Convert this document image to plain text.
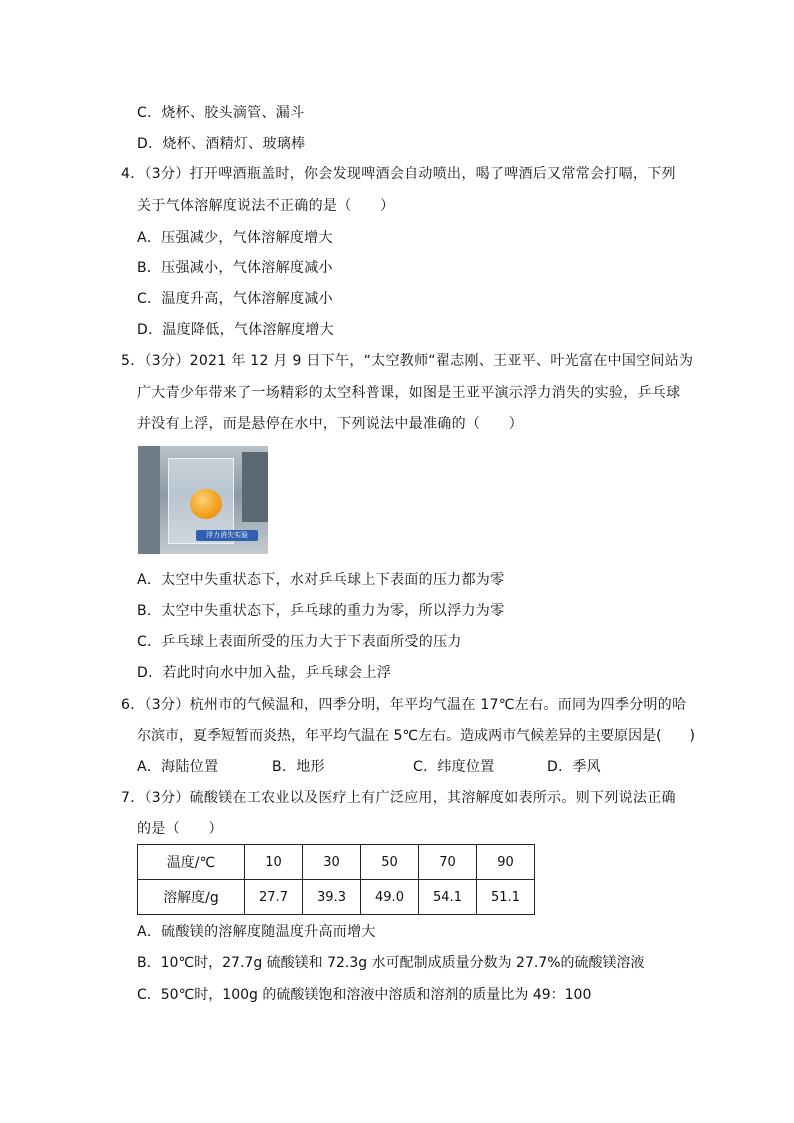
C．烧杯、胶头滴管、漏斗
D．烧杯、酒精灯、玻璃棒
4．（3分）打开啤酒瓶盖时，你会发现啤酒会自动喷出，喝了啤酒后又常常会打嗝，下列
关于气体溶解度说法不正确的是（　　）
A．压强减少，气体溶解度增大
B．压强减小，气体溶解度减小
C．温度升高，气体溶解度减小
D．温度降低，气体溶解度增大
5．（3分）2021 年 12 月 9 日下午，“太空教师“翟志刚、王亚平、叶光富在中国空间站为
广大青少年带来了一场精彩的太空科普课，如图是王亚平演示浮力消失的实验，乒乓球
并没有上浮，而是悬停在水中，下列说法中最准确的（　　）
浮力消失实验
A．太空中失重状态下，水对乒乓球上下表面的压力都为零
B．太空中失重状态下，乒乓球的重力为零，所以浮力为零
C．乒乓球上表面所受的压力大于下表面所受的压力
D．若此时向水中加入盐，乒乓球会上浮
6．（3分）杭州市的气候温和，四季分明，年平均气温在 17℃左右。而同为四季分明的哈
尔滨市，夏季短暂而炎热，年平均气温在 5℃左右。造成两市气候差异的主要原因是(　　)
A．海陆位置	B．地形	C．纬度位置	D．季风
7．（3分）硫酸镁在工农业以及医疗上有广泛应用，其溶解度如表所示。则下列说法正确
的是（　　）
温度/℃	10	30	50	70	90
溶解度/g	27.7	39.3	49.0	54.1	51.1
A．硫酸镁的溶解度随温度升高而增大
B．10℃时，27.7g 硫酸镁和 72.3g 水可配制成质量分数为 27.7%的硫酸镁溶液
C．50℃时，100g 的硫酸镁饱和溶液中溶质和溶剂的质量比为 49：100
